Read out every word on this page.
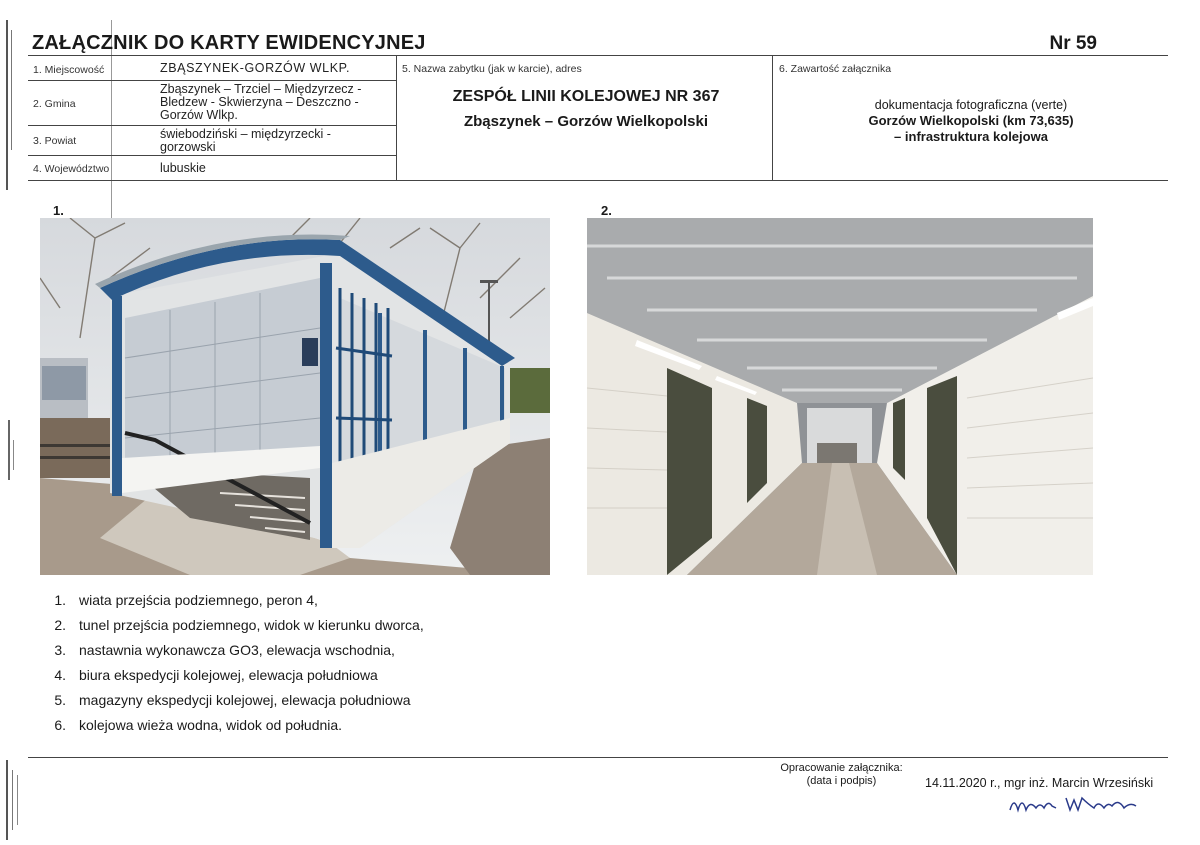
ZAŁĄCZNIK DO KARTY EWIDENCYJNEJ	Nr 59
1. Miejscowość	ZBĄSZYNEK-GORZÓW WLKP.
2. Gmina
Zbąszynek – Trzciel – Międzyrzecz -
Bledzew - Skwierzyna – Deszczno -
Gorzów Wlkp.
3. Powiat	świebodziński – międzyrzecki -
gorzowski
4. Województwo	lubuskie
5. Nazwa zabytku (jak w karcie), adres
ZESPÓŁ LINII KOLEJOWEJ NR 367
Zbąszynek – Gorzów Wielkopolski
6. Zawartość załącznika
dokumentacja fotograficzna (verte)
Gorzów Wielkopolski (km 73,635)
– infrastruktura kolejowa
1.	2.
1. wiata przejścia podziemnego, peron 4,
2. tunel przejścia podziemnego, widok w kierunku dworca,
3. nastawnia wykonawcza GO3, elewacja wschodnia,
4. biura ekspedycji kolejowej, elewacja południowa
5. magazyny ekspedycji kolejowej, elewacja południowa
6. kolejowa wieża wodna, widok od południa.
Opracowanie załącznika:
(data i podpis)	14.11.2020 r., mgr inż. Marcin Wrzesiński
